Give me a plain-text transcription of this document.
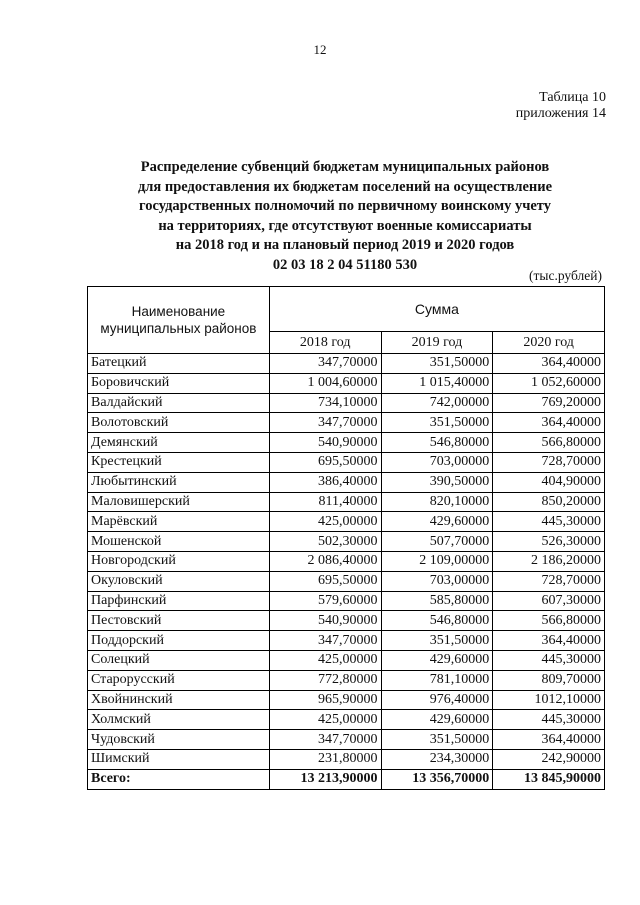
12
Таблица 10
приложения 14
Распределение субвенций бюджетам муниципальных районов
для предоставления их бюджетам поселений на осуществление
государственных полномочий по первичному воинскому учету
на территориях, где отсутствуют военные комиссариаты
на 2018 год и на плановый период 2019 и 2020 годов
02 03 18 2 04 51180 530
(тыс.рублей)
Наименование муниципальных районов	Сумма		
	2018 год	2019 год	2020 год
Батецкий	347,70000	351,50000	364,40000
Боровичский	1 004,60000	1 015,40000	1 052,60000
Валдайский	734,10000	742,00000	769,20000
Волотовский	347,70000	351,50000	364,40000
Демянский	540,90000	546,80000	566,80000
Крестецкий	695,50000	703,00000	728,70000
Любытинский	386,40000	390,50000	404,90000
Маловишерский	811,40000	820,10000	850,20000
Марёвский	425,00000	429,60000	445,30000
Мошенской	502,30000	507,70000	526,30000
Новгородский	2 086,40000	2 109,00000	2 186,20000
Окуловский	695,50000	703,00000	728,70000
Парфинский	579,60000	585,80000	607,30000
Пестовский	540,90000	546,80000	566,80000
Поддорский	347,70000	351,50000	364,40000
Солецкий	425,00000	429,60000	445,30000
Старорусский	772,80000	781,10000	809,70000
Хвойнинский	965,90000	976,40000	1012,10000
Холмский	425,00000	429,60000	445,30000
Чудовский	347,70000	351,50000	364,40000
Шимский	231,80000	234,30000	242,90000
Всего:	13 213,90000	13 356,70000	13 845,90000
